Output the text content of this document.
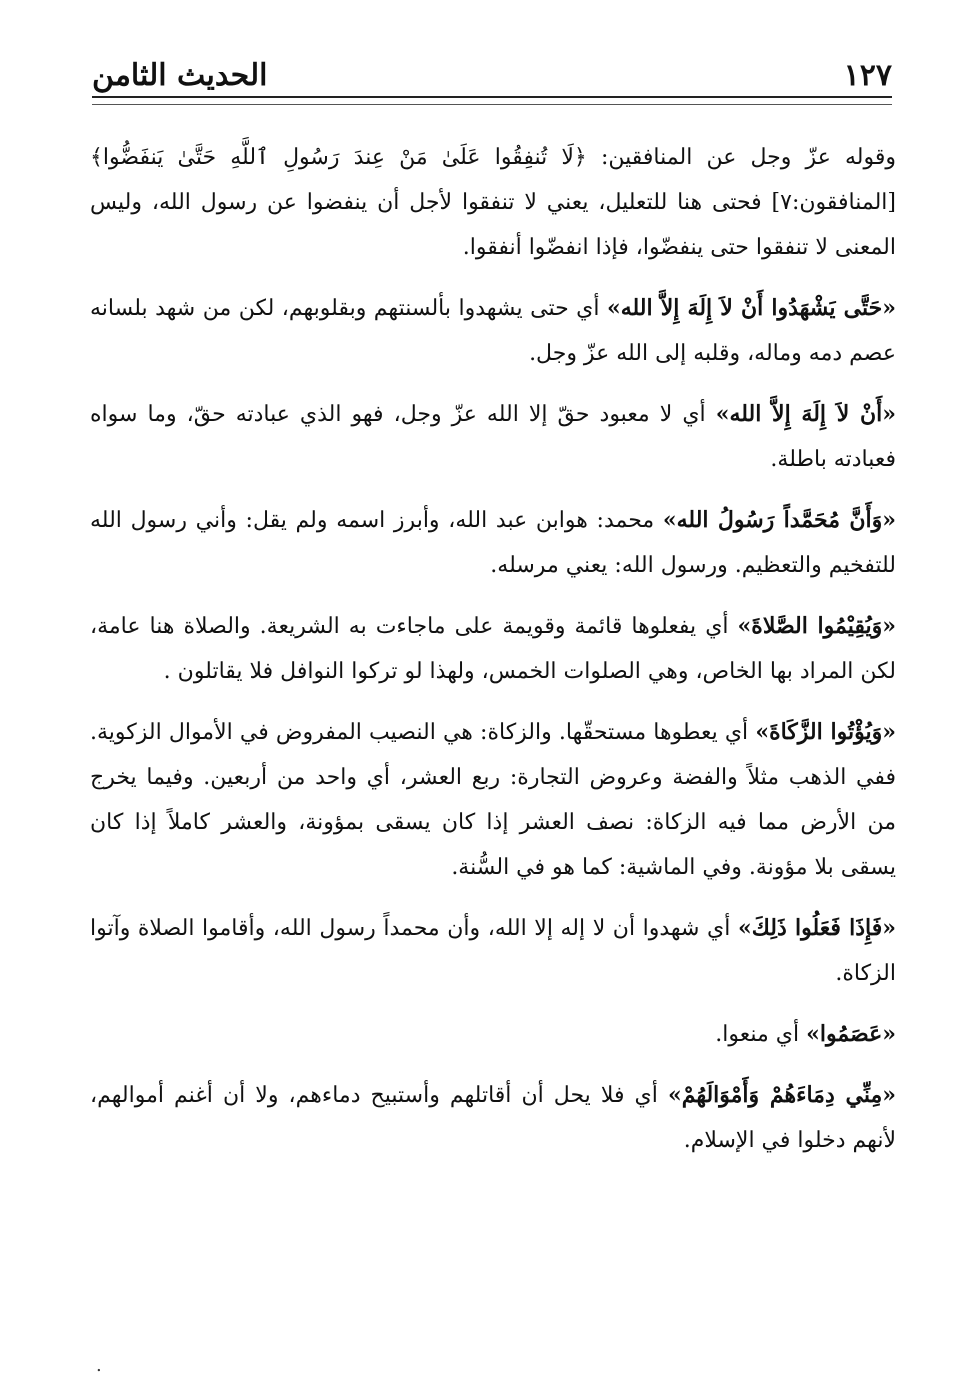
١٢٧
الحديث الثامن

وقوله عزّ وجل عن المنافقين: ﴿لَا تُنفِقُوا عَلَىٰ مَنْ عِندَ رَسُولِ ٱللَّهِ حَتَّىٰ يَنفَضُّوا﴾ [المنافقون:٧] فحتى هنا للتعليل، يعني لا تنفقوا لأجل أن ينفضوا عن رسول الله، وليس المعنى لا تنفقوا حتى ينفضّوا، فإذا انفضّوا أنفقوا.

«حَتَّى يَشْهَدُوا أَنْ لاَ إِلَهَ إِلاَّ الله» أي حتى يشهدوا بألسنتهم وبقلوبهم، لكن من شهد بلسانه عصم دمه وماله، وقلبه إلى الله عزّ وجل.

«أَنْ لاَ إِلَهَ إِلاَّ الله» أي لا معبود حقّ إلا الله عزّ وجل، فهو الذي عبادته حقّ، وما سواه فعبادته باطلة.

«وَأَنَّ مُحَمَّداً رَسُولُ الله» محمد: هوابن عبد الله، وأبرز اسمه ولم يقل: وأني رسول الله للتفخيم والتعظيم. ورسول الله: يعني مرسله.

«وَيُقِيْمُوا الصَّلاةَ» أي يفعلوها قائمة وقويمة على ماجاءت به الشريعة. والصلاة هنا عامة، لكن المراد بها الخاص، وهي الصلوات الخمس، ولهذا لو تركوا النوافل فلا يقاتلون .

«وَيُؤْتُوا الزَّكَاةَ» أي يعطوها مستحقّها. والزكاة: هي النصيب المفروض في الأموال الزكوية. ففي الذهب مثلاً والفضة وعروض التجارة: ربع العشر، أي واحد من أربعين. وفيما يخرج من الأرض مما فيه الزكاة: نصف العشر إذا كان يسقى بمؤونة، والعشر كاملاً إذا كان يسقى بلا مؤونة. وفي الماشية: كما هو في السُّنة.

«فَإِذَا فَعَلُوا ذَلِكَ» أي شهدوا أن لا إله إلا الله، وأن محمداً رسول الله، وأقاموا الصلاة وآتوا الزكاة.

«عَصَمُوا» أي منعوا.

«مِنِّي دِمَاءَهُمْ وَأَمْوَالَهُمْ» أي فلا يحل أن أقاتلهم وأستبيح دماءهم، ولا أن أغنم أموالهم، لأنهم دخلوا في الإسلام.

.
